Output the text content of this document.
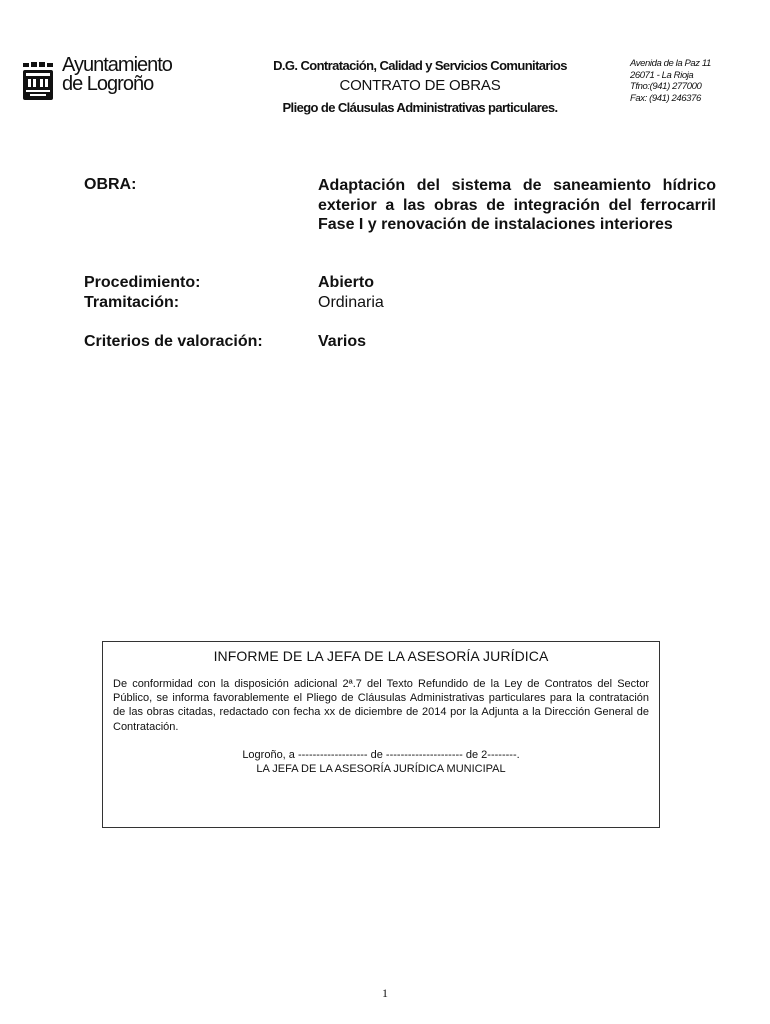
Ayuntamiento
de Logroño
D.G. Contratación, Calidad y Servicios Comunitarios
CONTRATO DE OBRAS
Pliego de Cláusulas Administrativas particulares.
Avenida de la Paz 11
26071 - La Rioja
Tfno:(941) 277000
Fax: (941) 246376
OBRA:	Adaptación del sistema de saneamiento hídrico exterior a las obras de integración del ferrocarril Fase I y renovación de instalaciones interiores
Procedimiento:	Abierto
Tramitación:	Ordinaria
Criterios de valoración:	Varios
INFORME DE LA JEFA DE LA ASESORÍA JURÍDICA
De conformidad con la disposición adicional 2ª.7 del Texto Refundido de la Ley de Contratos del Sector Público, se informa favorablemente el Pliego de Cláusulas Administrativas particulares para la contratación de las obras citadas, redactado con fecha xx de diciembre de 2014 por la Adjunta a la Dirección General de Contratación.
Logroño, a ------------------- de --------------------- de 2--------.
LA JEFA DE LA ASESORÍA JURÍDICA MUNICIPAL
1
